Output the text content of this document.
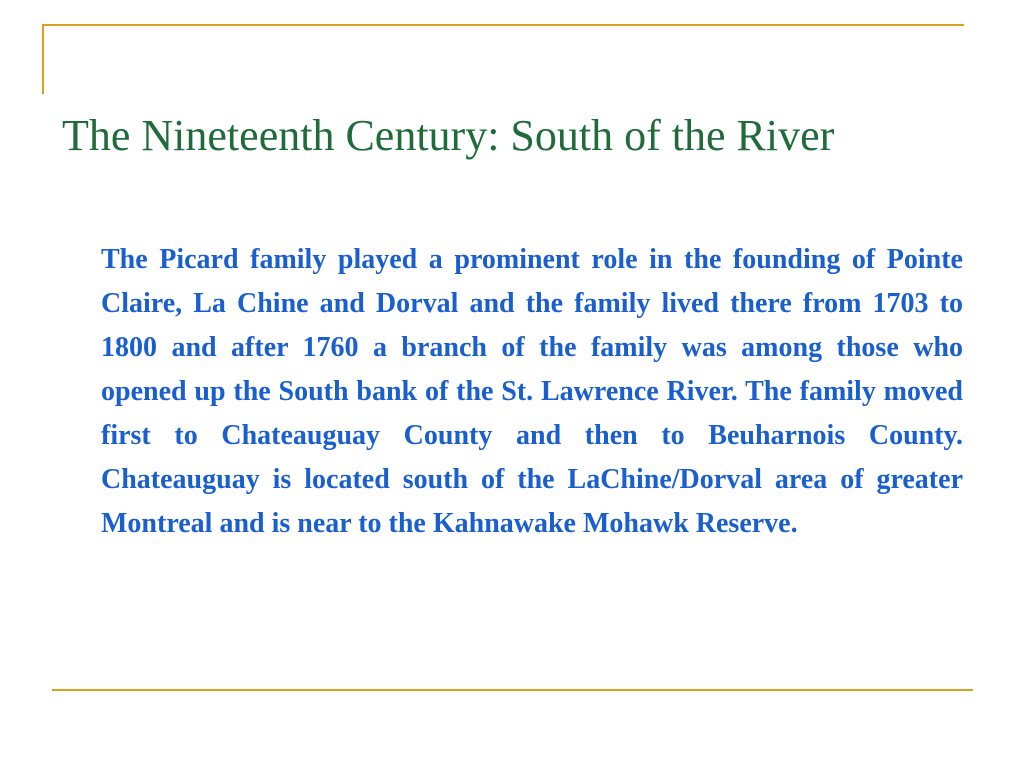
The Nineteenth Century: South of the River

The Picard family played a prominent role in the founding of Pointe Claire, La Chine and Dorval and the family lived there from 1703 to 1800 and after 1760 a branch of the family was among those who opened up the South bank of the St. Lawrence River. The family moved first to Chateauguay County and then to Beuharnois County. Chateauguay is located south of the LaChine/Dorval area of greater Montreal and is near to the Kahnawake Mohawk Reserve.
